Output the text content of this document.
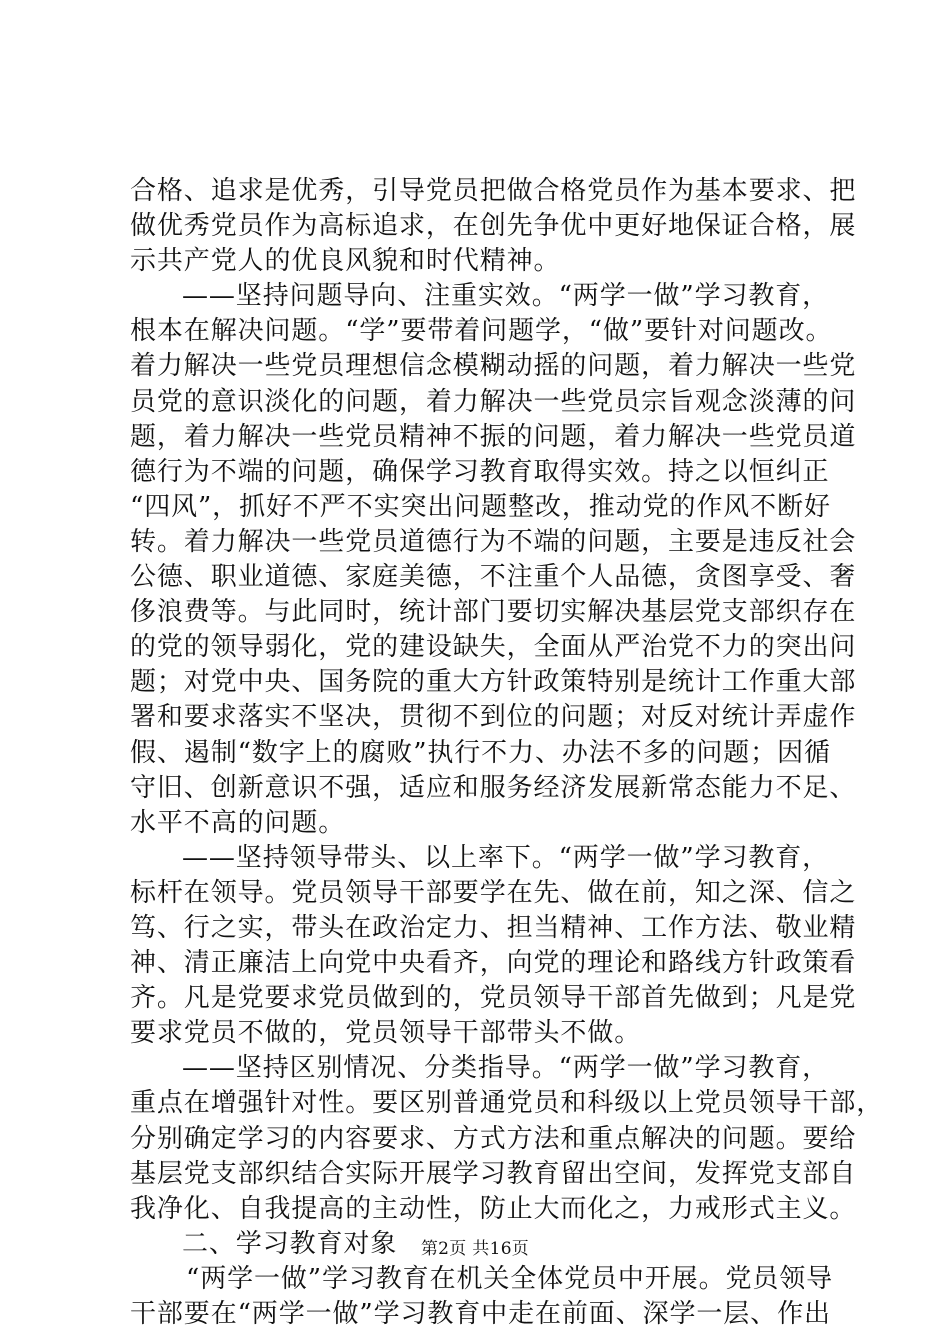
合格、追求是优秀，引导党员把做合格党员作为基本要求、把
做优秀党员作为高标追求，在创先争优中更好地保证合格，展
示共产党人的优良风貌和时代精神。
——坚持问题导向、注重实效。“两学一做”学习教育，
根本在解决问题。“学”要带着问题学，“做”要针对问题改。
着力解决一些党员理想信念模糊动摇的问题，着力解决一些党
员党的意识淡化的问题，着力解决一些党员宗旨观念淡薄的问
题，着力解决一些党员精神不振的问题，着力解决一些党员道
德行为不端的问题，确保学习教育取得实效。持之以恒纠正
“四风”，抓好不严不实突出问题整改，推动党的作风不断好
转。着力解决一些党员道德行为不端的问题，主要是违反社会
公德、职业道德、家庭美德，不注重个人品德，贪图享受、奢
侈浪费等。与此同时，统计部门要切实解决基层党支部织存在
的党的领导弱化，党的建设缺失，全面从严治党不力的突出问
题；对党中央、国务院的重大方针政策特别是统计工作重大部
署和要求落实不坚决，贯彻不到位的问题；对反对统计弄虚作
假、遏制“数字上的腐败”执行不力、办法不多的问题；因循
守旧、创新意识不强，适应和服务经济发展新常态能力不足、
水平不高的问题。
——坚持领导带头、以上率下。“两学一做”学习教育，
标杆在领导。党员领导干部要学在先、做在前，知之深、信之
笃、行之实，带头在政治定力、担当精神、工作方法、敬业精
神、清正廉洁上向党中央看齐，向党的理论和路线方针政策看
齐。凡是党要求党员做到的，党员领导干部首先做到；凡是党
要求党员不做的，党员领导干部带头不做。
——坚持区别情况、分类指导。“两学一做”学习教育，
重点在增强针对性。要区别普通党员和科级以上党员领导干部，
分别确定学习的内容要求、方式方法和重点解决的问题。要给
基层党支部织结合实际开展学习教育留出空间，发挥党支部自
我净化、自我提高的主动性，防止大而化之，力戒形式主义。
二、学习教育对象
“两学一做”学习教育在机关全体党员中开展。党员领导
干部要在“两学一做”学习教育中走在前面、深学一层、作出
第2页 共16页
